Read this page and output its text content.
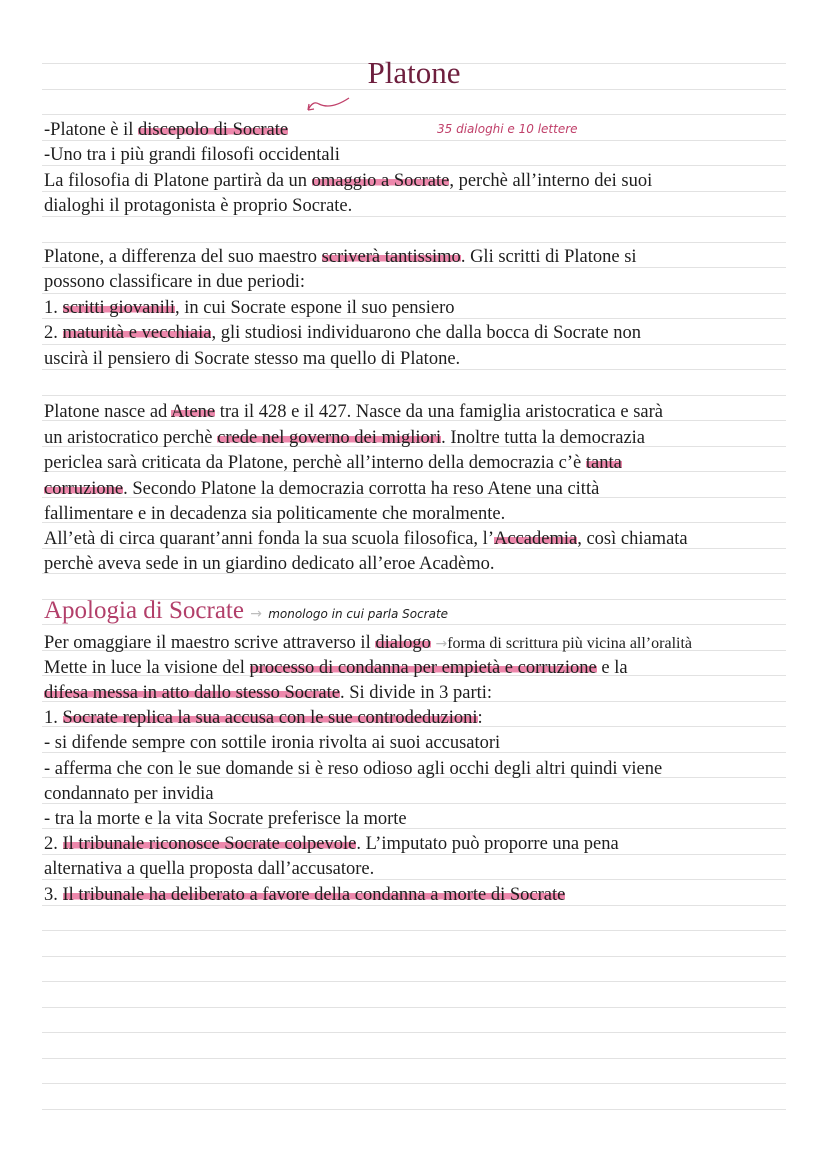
Platone
35 dialoghi e 10 lettere
-Platone è il discepolo di Socrate
-Uno tra i più grandi filosofi occidentali
La filosofia di Platone partirà da un omaggio a Socrate, perchè all’interno dei suoi
dialoghi il protagonista è proprio Socrate.
Platone, a differenza del suo maestro scriverà tantissimo. Gli scritti di Platone si
possono classificare in due periodi:
1. scritti giovanili, in cui Socrate espone il suo pensiero
2. maturità e vecchiaia, gli studiosi individuarono che dalla bocca di Socrate non
uscirà il pensiero di Socrate stesso ma quello di Platone.
Platone nasce ad Atene tra il 428 e il 427. Nasce da una famiglia aristocratica e sarà
un aristocratico perchè crede nel governo dei migliori. Inoltre tutta la democrazia
periclea sarà criticata da Platone, perchè all’interno della democrazia c’è tanta
corruzione. Secondo Platone la democrazia corrotta ha reso Atene una città
fallimentare e in decadenza sia politicamente che moralmente.
All’età di circa quarant’anni fonda la sua scuola filosofica, l’Accademia, così chiamata
perchè aveva sede in un giardino dedicato all’eroe Acadèmo.
Apologia di Socrate → monologo in cui parla Socrate
Per omaggiare il maestro scrive attraverso il dialogo →forma di scrittura più vicina all’oralità
Mette in luce la visione del processo di condanna per empietà e corruzione e la
difesa messa in atto dallo stesso Socrate. Si divide in 3 parti:
1. Socrate replica la sua accusa con le sue controdeduzioni:
- si difende sempre con sottile ironia rivolta ai suoi accusatori
- afferma che con le sue domande si è reso odioso agli occhi degli altri quindi viene
condannato per invidia
- tra la morte e la vita Socrate preferisce la morte
2. Il tribunale riconosce Socrate colpevole. L’imputato può proporre una pena
alternativa a quella proposta dall’accusatore.
3. Il tribunale ha deliberato a favore della condanna a morte di Socrate
